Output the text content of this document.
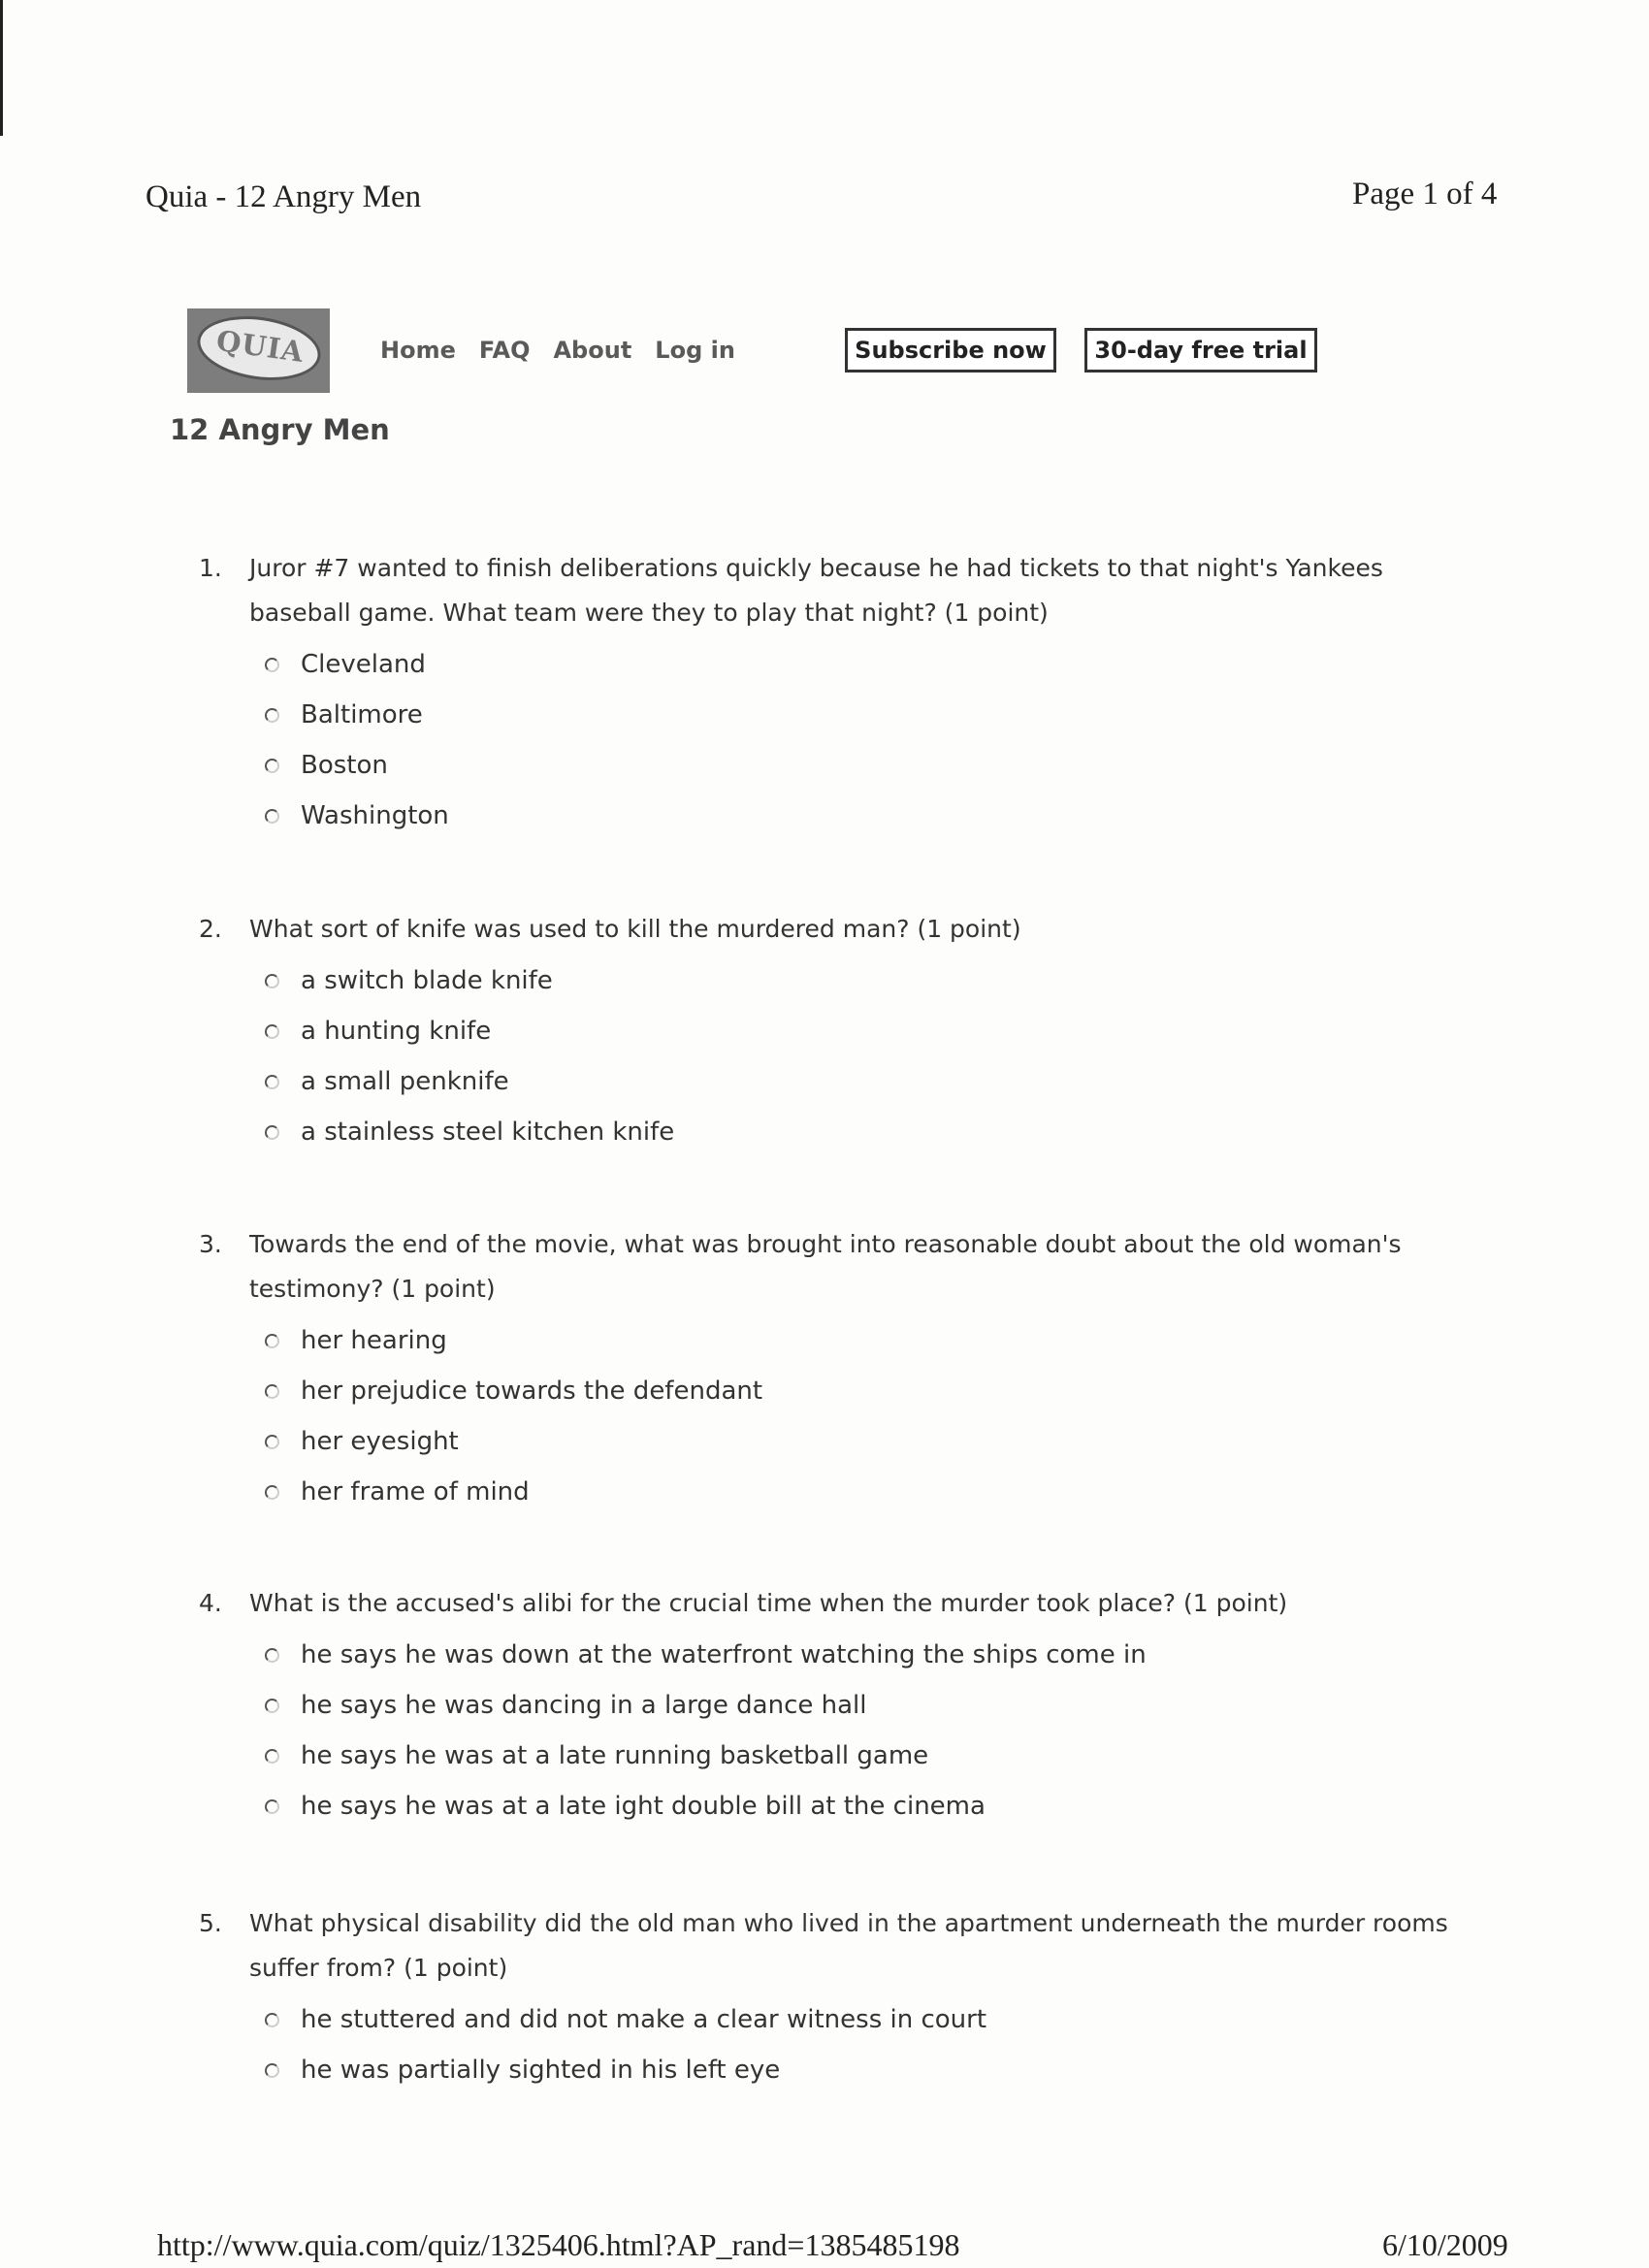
Quia - 12 Angry Men	Page 1 of 4
QUIA	Home FAQ About Log in	Subscribe now	30-day free trial
12 Angry Men
1. Juror #7 wanted to finish deliberations quickly because he had tickets to that night's Yankees baseball game. What team were they to play that night? (1 point)
Cleveland
Baltimore
Boston
Washington
2. What sort of knife was used to kill the murdered man? (1 point)
a switch blade knife
a hunting knife
a small penknife
a stainless steel kitchen knife
3. Towards the end of the movie, what was brought into reasonable doubt about the old woman's testimony? (1 point)
her hearing
her prejudice towards the defendant
her eyesight
her frame of mind
4. What is the accused's alibi for the crucial time when the murder took place? (1 point)
he says he was down at the waterfront watching the ships come in
he says he was dancing in a large dance hall
he says he was at a late running basketball game
he says he was at a late ight double bill at the cinema
5. What physical disability did the old man who lived in the apartment underneath the murder rooms suffer from? (1 point)
he stuttered and did not make a clear witness in court
he was partially sighted in his left eye
http://www.quia.com/quiz/1325406.html?AP_rand=1385485198	6/10/2009
